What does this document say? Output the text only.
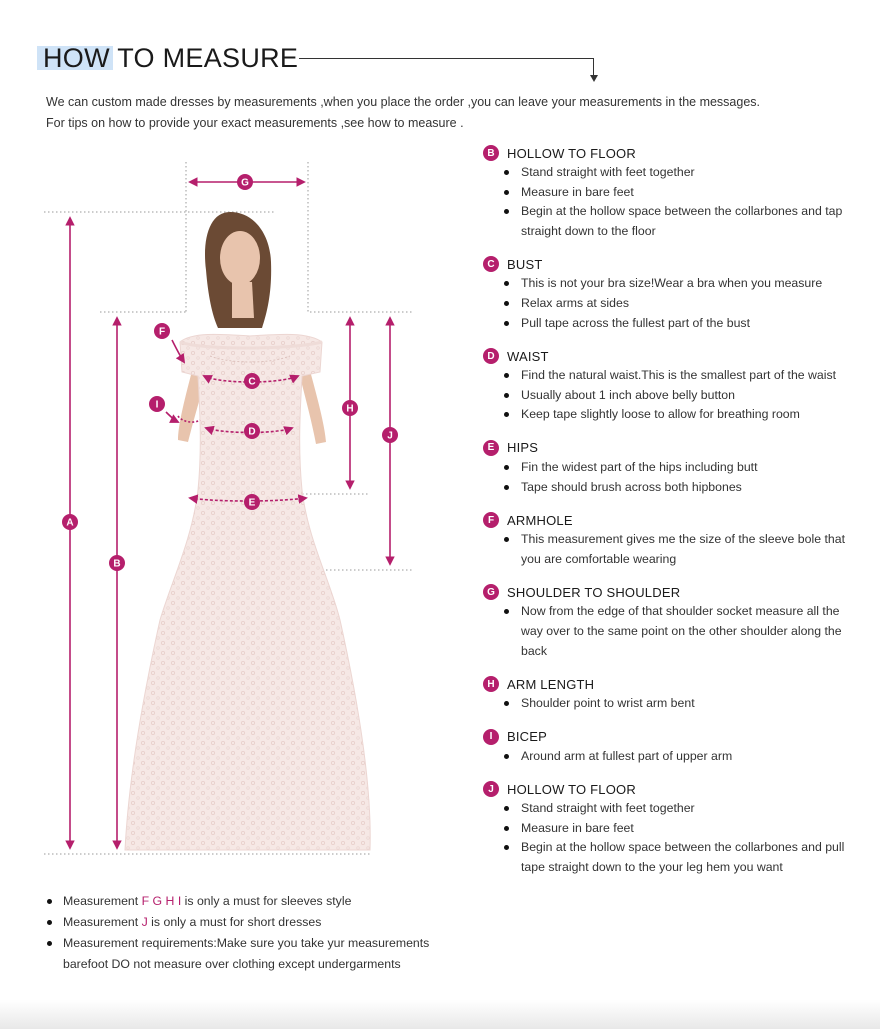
HOW TO MEASURE
We can custom made dresses by measurements ,when you place the order ,you can leave your measurements in the messages.
For tips on how to provide your exact measurements ,see how to measure .
A
B
C
D
E
F
G
H
I
J
B HOLLOW TO FLOOR
Stand straight with feet together
Measure in bare feet
Begin at the hollow space between the collarbones and tap straight down to the floor
C BUST
This is not your bra size!Wear a bra when you measure
Relax arms at sides
Pull tape across the fullest part of the bust
D WAIST
Find the natural waist.This is the smallest part of the waist
Usually about 1 inch above belly button
Keep tape slightly loose to allow for breathing room
E HIPS
Fin the widest part of the hips including butt
Tape should brush across both hipbones
F ARMHOLE
This measurement gives me the size of the sleeve bole that you are comfortable wearing
G SHOULDER TO SHOULDER
Now from the edge of that shoulder socket measure all the way over to the same point on the other shoulder along the back
H ARM LENGTH
Shoulder point to wrist arm bent
I	BICEP
Around arm at fullest part of upper arm
J	HOLLOW TO FLOOR
Stand straight with feet together
Measure in bare feet
Begin at the hollow space between the collarbones and pull tape straight down to the your leg hem you want
Measurement F G H I is only a must for sleeves style
Measurement J is only a must for short dresses
Measurement requirements:Make sure you take yur measurements barefoot DO not measure over clothing except undergarments
